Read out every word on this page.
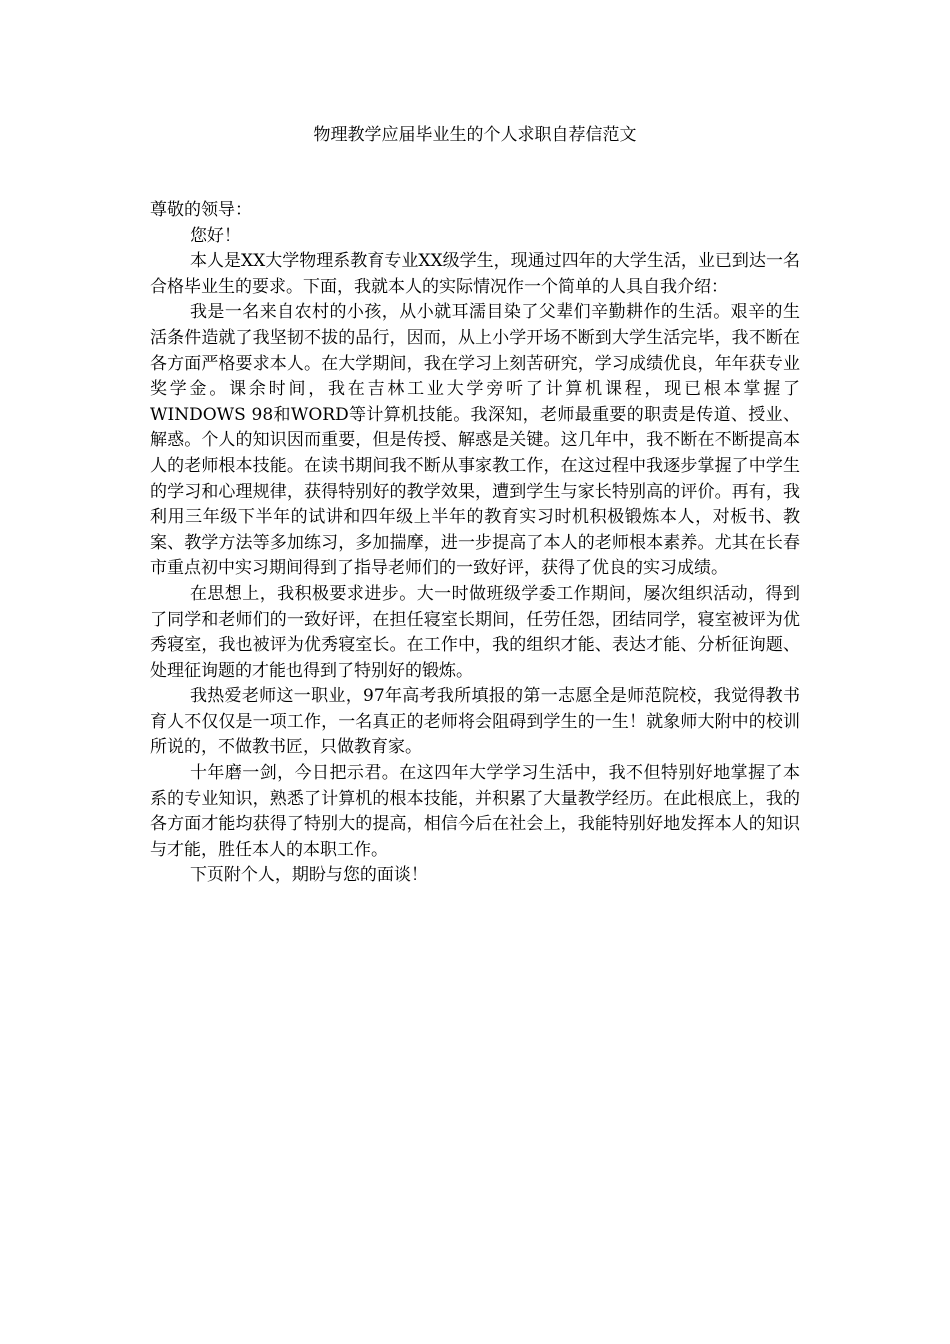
物理教学应届毕业生的个人求职自荐信范文

尊敬的领导：

您好！

本人是XX大学物理系教育专业XX级学生，现通过四年的大学生活，业已到达一名合格毕业生的要求。下面，我就本人的实际情况作一个简单的人具自我介绍：

我是一名来自农村的小孩，从小就耳濡目染了父辈们辛勤耕作的生活。艰辛的生活条件造就了我坚韧不拔的品行，因而，从上小学开场不断到大学生活完毕，我不断在各方面严格要求本人。在大学期间，我在学习上刻苦研究，学习成绩优良，年年获专业奖学金。课余时间，我在吉林工业大学旁听了计算机课程，现已根本掌握了WINDOWS 98和WORD等计算机技能。我深知，老师最重要的职责是传道、授业、解惑。个人的知识因而重要，但是传授、解惑是关键。这几年中，我不断在不断提高本人的老师根本技能。在读书期间我不断从事家教工作，在这过程中我逐步掌握了中学生的学习和心理规律，获得特别好的教学效果，遭到学生与家长特别高的评价。再有，我利用三年级下半年的试讲和四年级上半年的教育实习时机积极锻炼本人，对板书、教案、教学方法等多加练习，多加揣摩，进一步提高了本人的老师根本素养。尤其在长春市重点初中实习期间得到了指导老师们的一致好评，获得了优良的实习成绩。

在思想上，我积极要求进步。大一时做班级学委工作期间，屡次组织活动，得到了同学和老师们的一致好评，在担任寝室长期间，任劳任怨，团结同学，寝室被评为优秀寝室，我也被评为优秀寝室长。在工作中，我的组织才能、表达才能、分析征询题、处理征询题的才能也得到了特别好的锻炼。

我热爱老师这一职业，97年高考我所填报的第一志愿全是师范院校，我觉得教书育人不仅仅是一项工作，一名真正的老师将会阻碍到学生的一生！就象师大附中的校训所说的，不做教书匠，只做教育家。

十年磨一剑，今日把示君。在这四年大学学习生活中，我不但特别好地掌握了本系的专业知识，熟悉了计算机的根本技能，并积累了大量教学经历。在此根底上，我的各方面才能均获得了特别大的提高，相信今后在社会上，我能特别好地发挥本人的知识与才能，胜任本人的本职工作。

下页附个人，期盼与您的面谈！
